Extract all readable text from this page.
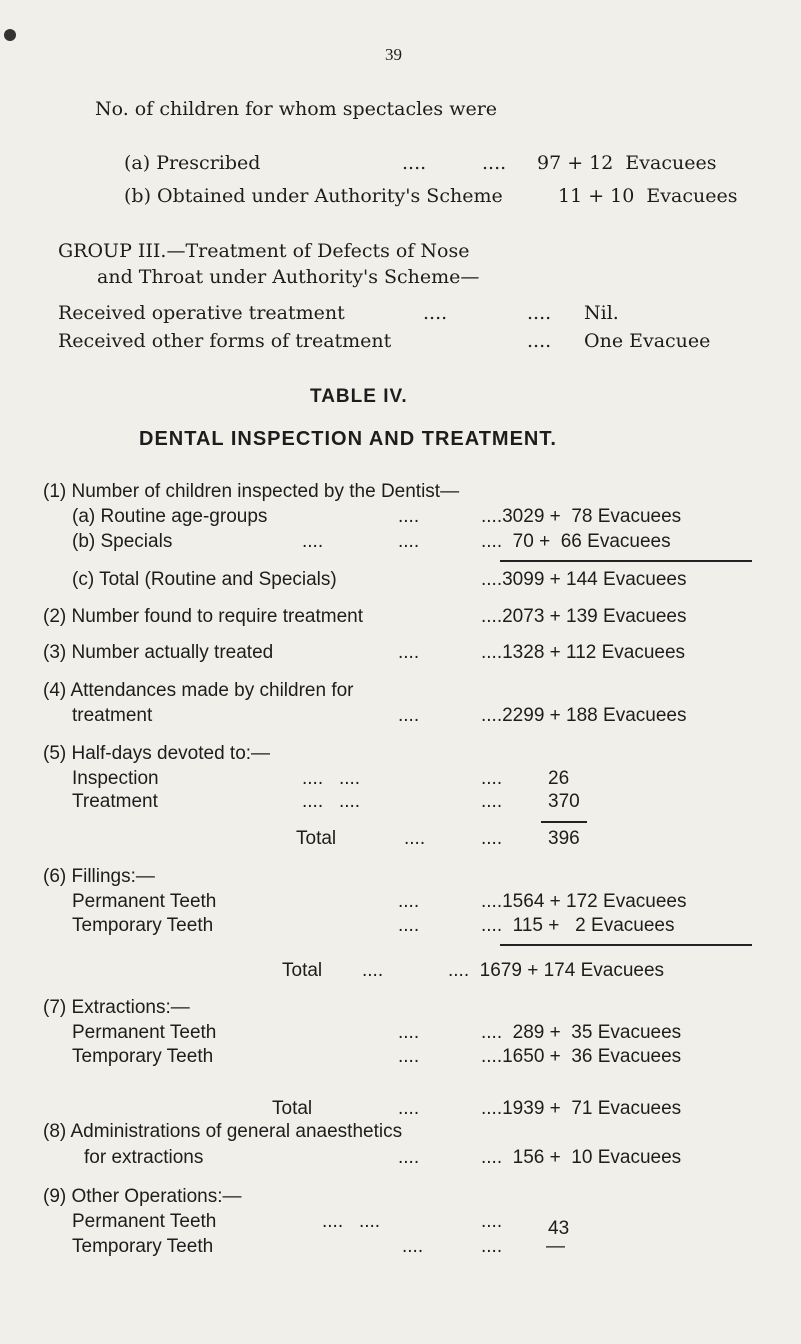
39
No. of children for whom spectacles were
(a) Prescribed	....	.... 97 + 12  Evacuees
(b) Obtained under Authority's Scheme	11 + 10  Evacuees
GROUP III.—Treatment of Defects of Nose
and Throat under Authority's Scheme—
Received operative treatment	....	.... Nil.
Received other forms of treatment	.... One Evacuee
TABLE IV.
DENTAL INSPECTION AND TREATMENT.
(1) Number of children inspected by the Dentist—
(a) Routine age-groups	....	....3029 +  78 Evacuees
(b) Specials	....	....	....  70 +  66 Evacuees
(c) Total (Routine and Specials)	....3099 + 144 Evacuees
(2) Number found to require treatment	....2073 + 139 Evacuees
(3) Number actually treated	....	....1328 + 112 Evacuees
(4) Attendances made by children for
treatment	....	....2299 + 188 Evacuees
(5) Half-days devoted to:—
Inspection	....   ....	.... 26
Treatment	....   ....	.... 370
Total	....	.... 396
(6) Fillings:—
Permanent Teeth	....	....1564 + 172 Evacuees
Temporary Teeth	....	....  115 +   2 Evacuees
Total ....	....  1679 + 174 Evacuees
(7) Extractions:—
Permanent Teeth	....	....  289 +  35 Evacuees
Temporary Teeth	....	....1650 +  36 Evacuees
Total	....	....1939 +  71 Evacuees
(8) Administrations of general anaesthetics
for extractions	....	....  156 +  10 Evacuees
(9) Other Operations:—
Permanent Teeth	....   ....	.... 43
Temporary Teeth	....	.... —
